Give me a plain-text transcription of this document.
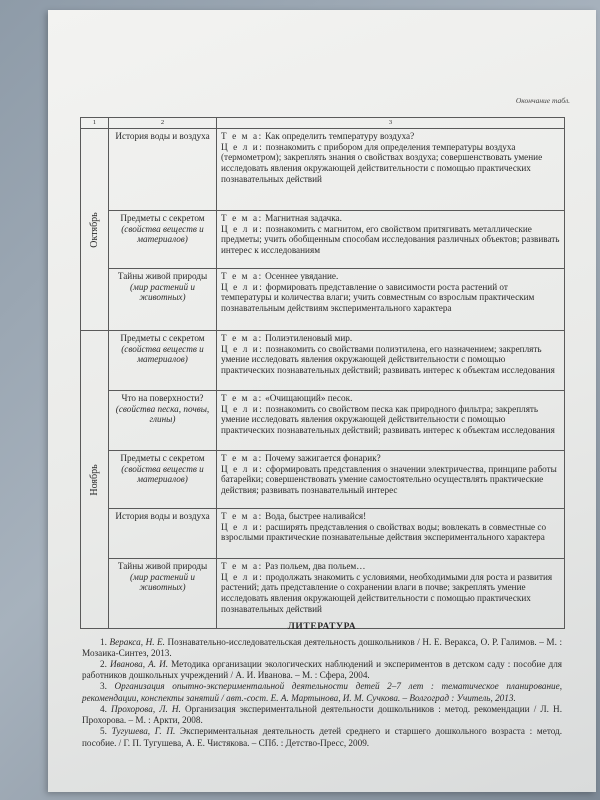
Окончание табл.
1	2	3

Октябрь	История воды и воздуха	Т е м а: Как определить температуру воздуха?
Ц е л и: познакомить с прибором для определения температуры воздуха (термометром); закреплять знания о свойствах воздуха; совершенствовать умение исследовать явления окружающей действительности с помощью практических познавательных действий

	Предметы с секретом
(свойства веществ и материалов)	Т е м а: Магнитная задачка.
Ц е л и: познакомить с магнитом, его свойством притягивать металлические предметы; учить обобщенным способам исследования различных объектов; развивать интерес к исследованиям

	Тайны живой природы
(мир растений и животных)	Т е м а: Осеннее увядание.
Ц е л и: формировать представление о зависимости роста растений от температуры и количества влаги; учить совместным со взрослым практическим познавательным действиям экспериментального характера

Ноябрь	Предметы с секретом
(свойства веществ и материалов)	Т е м а: Полиэтиленовый мир.
Ц е л и: познакомить со свойствами полиэтилена, его назначением; закреплять умение исследовать явления окружающей действительности с помощью практических познавательных действий; развивать интерес к объектам исследования

	Что на поверхности?
(свойства песка, почвы, глины)	Т е м а: «Очищающий» песок.
Ц е л и: познакомить со свойством песка как природного фильтра; закреплять умение исследовать явления окружающей действительности с помощью практических познавательных действий; развивать интерес к объектам исследования

	Предметы с секретом
(свойства веществ и материалов)	Т е м а: Почему зажигается фонарик?
Ц е л и: сформировать представления о значении электричества, принципе работы батарейки; совершенствовать умение самостоятельно осуществлять практические действия; развивать познавательный интерес

	История воды и воздуха	Т е м а: Вода, быстрее наливайся!
Ц е л и: расширять представления о свойствах воды; вовлекать в совместные со взрослыми практические познавательные действия экспериментального характера

	Тайны живой природы
(мир растений и животных)	Т е м а: Раз польем, два польем…
Ц е л и: продолжать знакомить с условиями, необходимыми для роста и развития растений; дать представление о сохранении влаги в почве; закреплять умение исследовать явления окружающей действительности с помощью практических познавательных действий
ЛИТЕРАТУРА

1. Веракса, Н. Е. Познавательно-исследовательская деятельность дошкольников / Н. Е. Веракса, О. Р. Галимов. – М. : Мозаика-Синтез, 2013.

2. Иванова, А. И. Методика организации экологических наблюдений и экспериментов в детском саду : пособие для работников дошкольных учреждений / А. И. Иванова. – М. : Сфера, 2004.

3. Организация опытно-экспериментальной деятельности детей 2–7 лет : тематическое планирование, рекомендации, конспекты занятий / авт.-сост. Е. А. Мартынова, И. М. Сучкова. – Волгоград : Учитель, 2013.

4. Прохорова, Л. Н. Организация экспериментальной деятельности дошкольников : метод. рекомендации / Л. Н. Прохорова. – М. : Аркти, 2008.

5. Тугушева, Г. П. Экспериментальная деятельность детей среднего и старшего дошкольного возраста : метод. пособие. / Г. П. Тугушева, А. Е. Чистякова. – СПб. : Детство-Пресс, 2009.
